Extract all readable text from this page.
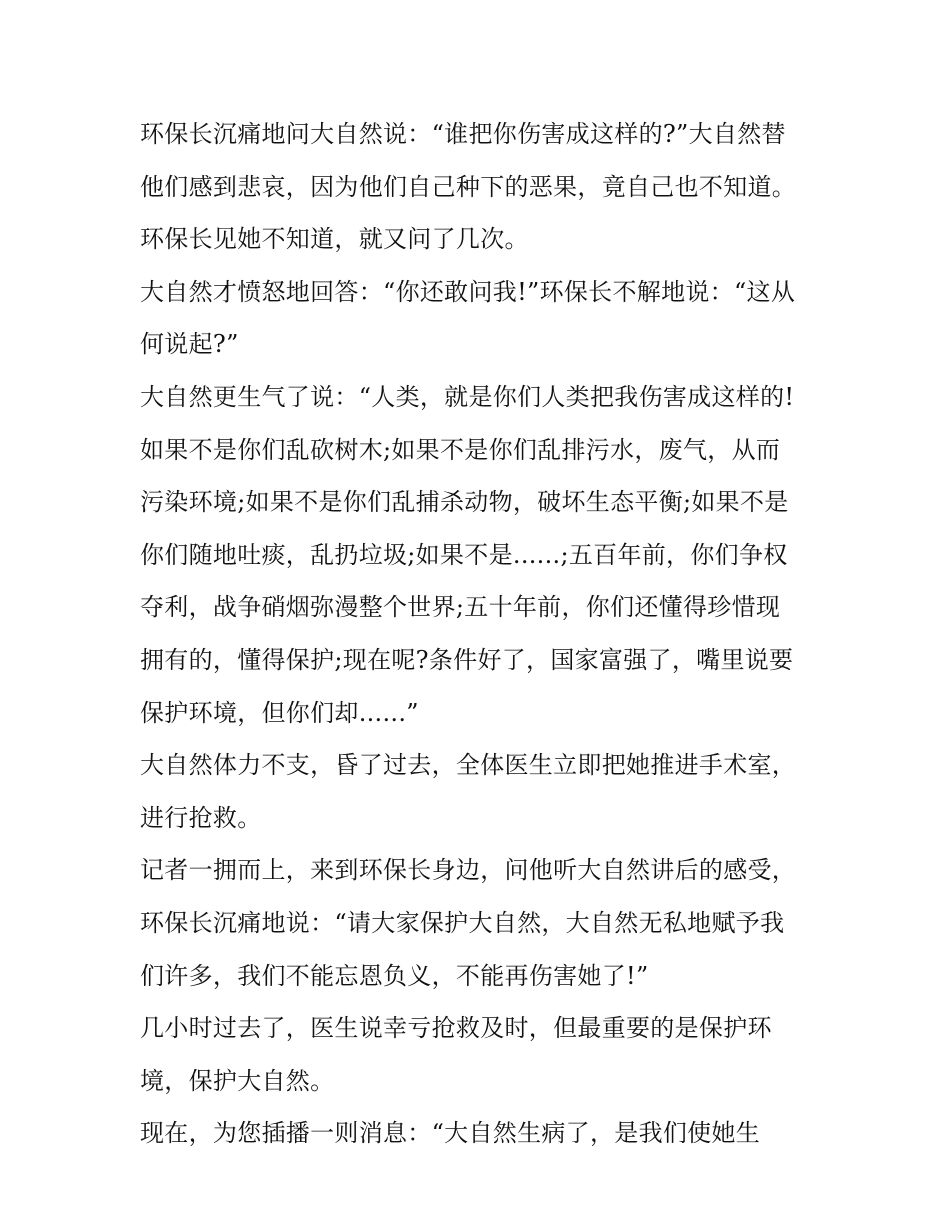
环保长沉痛地问大自然说：“谁把你伤害成这样的?”大自然替
他们感到悲哀，因为他们自己种下的恶果，竟自己也不知道。
环保长见她不知道，就又问了几次。
大自然才愤怒地回答：“你还敢问我!”环保长不解地说：“这从
何说起?”
大自然更生气了说：“人类，就是你们人类把我伤害成这样的!
如果不是你们乱砍树木;如果不是你们乱排污水，废气，从而
污染环境;如果不是你们乱捕杀动物，破坏生态平衡;如果不是
你们随地吐痰，乱扔垃圾;如果不是......;五百年前，你们争权
夺利，战争硝烟弥漫整个世界;五十年前，你们还懂得珍惜现
拥有的，懂得保护;现在呢?条件好了，国家富强了，嘴里说要
保护环境，但你们却......”
大自然体力不支，昏了过去，全体医生立即把她推进手术室，
进行抢救。
记者一拥而上，来到环保长身边，问他听大自然讲后的感受，
环保长沉痛地说：“请大家保护大自然，大自然无私地赋予我
们许多，我们不能忘恩负义，不能再伤害她了!”
几小时过去了，医生说幸亏抢救及时，但最重要的是保护环
境，保护大自然。
现在，为您插播一则消息：“大自然生病了，是我们使她生
